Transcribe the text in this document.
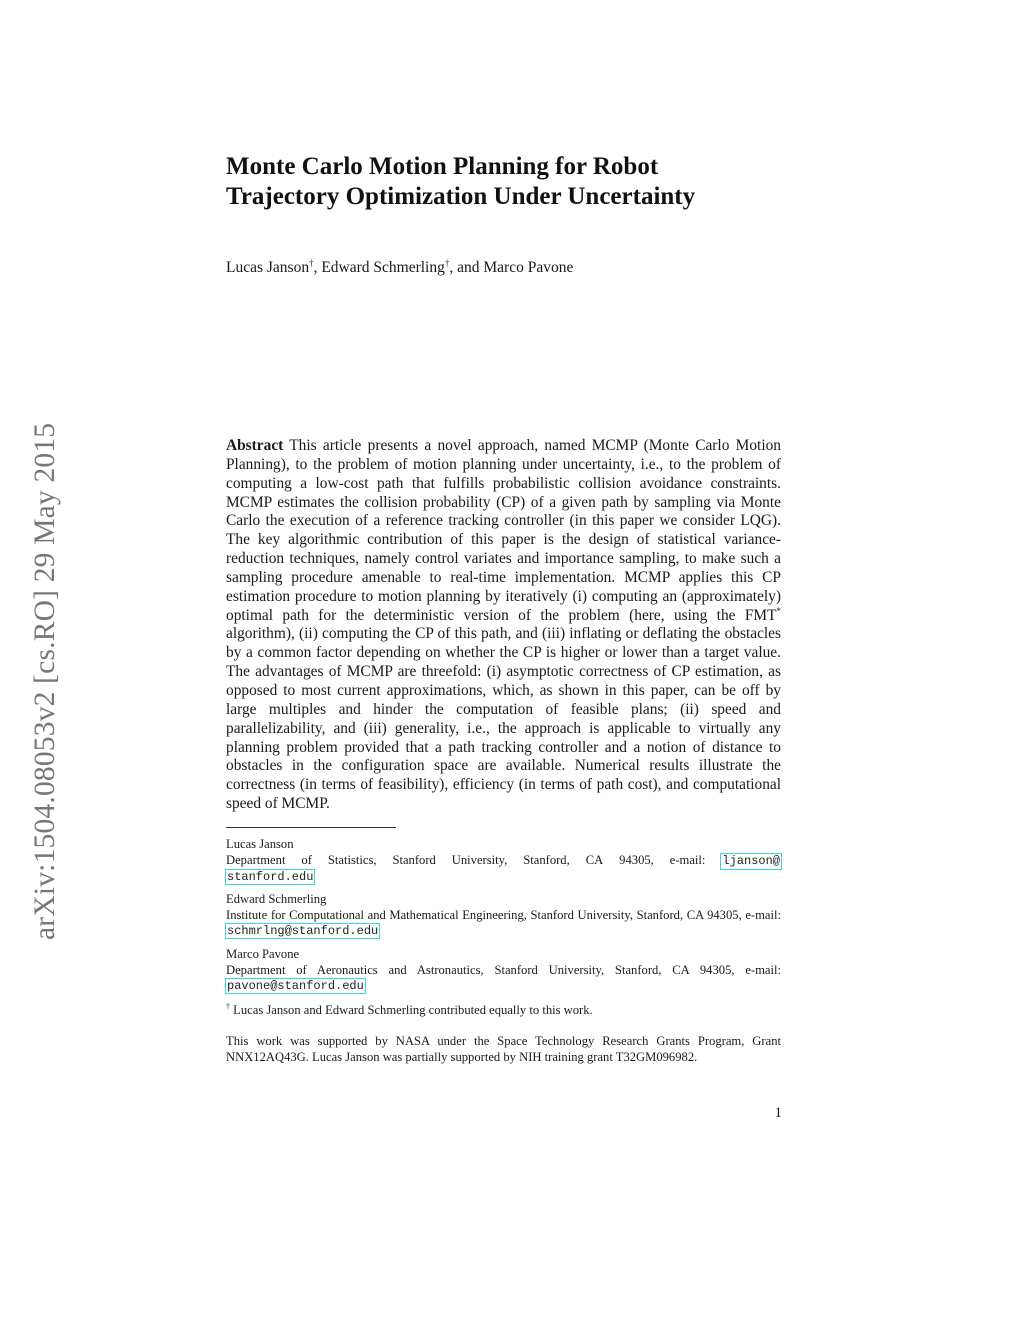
arXiv:1504.08053v2 [cs.RO] 29 May 2015
Monte Carlo Motion Planning for Robot
Trajectory Optimization Under Uncertainty
Lucas Janson†, Edward Schmerling†, and Marco Pavone

Abstract This article presents a novel approach, named MCMP (Monte Carlo Motion Planning), to the problem of motion planning under uncertainty, i.e., to the problem of computing a low-cost path that fulfills probabilistic collision avoidance constraints. MCMP estimates the collision probability (CP) of a given path by sampling via Monte Carlo the execution of a reference tracking controller (in this paper we consider LQG). The key algorithmic contribution of this paper is the design of statistical variance-reduction techniques, namely control variates and importance sampling, to make such a sampling procedure amenable to real-time implementation. MCMP applies this CP estimation procedure to motion planning by iteratively (i) computing an (approximately) optimal path for the deterministic version of the problem (here, using the FMT* algorithm), (ii) computing the CP of this path, and (iii) inflating or deflating the obstacles by a common factor depending on whether the CP is higher or lower than a target value. The advantages of MCMP are threefold: (i) asymptotic correctness of CP estimation, as opposed to most current approximations, which, as shown in this paper, can be off by large multiples and hinder the computation of feasible plans; (ii) speed and parallelizability, and (iii) generality, i.e., the approach is applicable to virtually any planning problem provided that a path tracking controller and a notion of distance to obstacles in the configuration space are available. Numerical results illustrate the correctness (in terms of feasibility), efficiency (in terms of path cost), and computational speed of MCMP.

Lucas Janson
Department of Statistics, Stanford University, Stanford, CA 94305, e-mail: ljanson@
stanford.edu
Edward Schmerling
Institute for Computational and Mathematical Engineering, Stanford University, Stanford, CA 94305, e-mail: schmrlng@stanford.edu
Marco Pavone
Department of Aeronautics and Astronautics, Stanford University, Stanford, CA 94305, e-mail: pavone@stanford.edu
† Lucas Janson and Edward Schmerling contributed equally to this work.
This work was supported by NASA under the Space Technology Research Grants Program, Grant NNX12AQ43G. Lucas Janson was partially supported by NIH training grant T32GM096982.
1
